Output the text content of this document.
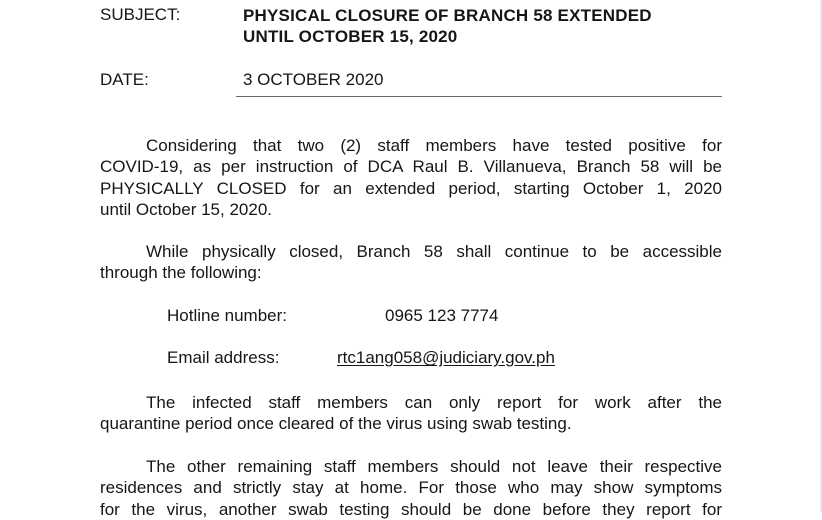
SUBJECT:	PHYSICAL CLOSURE OF BRANCH 58 EXTENDED
UNTIL OCTOBER 15, 2020
DATE:	3 OCTOBER 2020
Considering that two (2) staff members have tested positive for
COVID-19, as per instruction of DCA Raul B. Villanueva, Branch 58 will be
PHYSICALLY CLOSED for an extended period, starting October 1, 2020
until October 15, 2020.
While physically closed, Branch 58 shall continue to be accessible
through the following:
Hotline number:	0965 123 7774
Email address:	rtc1ang058@judiciary.gov.ph
The infected staff members can only report for work after the
quarantine period once cleared of the virus using swab testing.
The other remaining staff members should not leave their respective
residences and strictly stay at home. For those who may show symptoms
for the virus, another swab testing should be done before they report for
